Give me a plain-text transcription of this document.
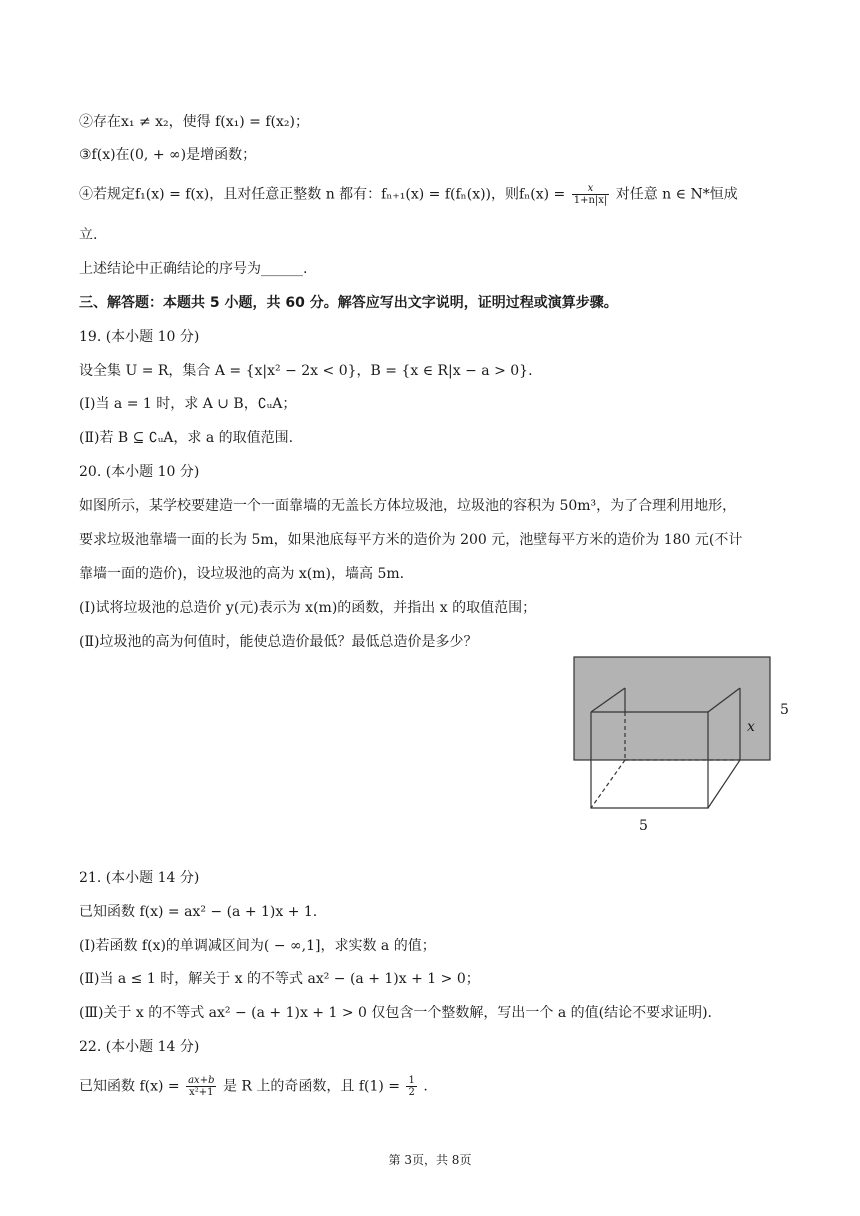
②存在x₁ ≠ x₂，使得 f(x₁) = f(x₂)；
③f(x)在(0, + ∞)是增函数；
④若规定f₁(x) = f(x)，且对任意正整数 n 都有：fₙ₊₁(x) = f(fₙ(x))，则$f_n(x) = \frac{x}{1+n|x|}$ 对任意 n ∈ N*恒成
立.
上述结论中正确结论的序号为______.
三、解答题：本题共 5 小题，共 60 分。解答应写出文字说明，证明过程或演算步骤。
19. (本小题 10 分)
设全集 U = R，集合 A = {x|x² − 2x < 0}，B = {x ∈ R|x − a > 0}.
(Ⅰ)当 a = 1 时，求 A ∪ B，∁ᵤA；
(Ⅱ)若 B ⊆ ∁ᵤA，求 a 的取值范围.
20. (本小题 10 分)
如图所示，某学校要建造一个一面靠墙的无盖长方体垃圾池，垃圾池的容积为 50m³，为了合理利用地形，
要求垃圾池靠墙一面的长为 5m，如果池底每平方米的造价为 200 元，池壁每平方米的造价为 180 元(不计
靠墙一面的造价)，设垃圾池的高为 x(m)，墙高 5m.
(Ⅰ)试将垃圾池的总造价 y(元)表示为 x(m)的函数，并指出 x 的取值范围；
(Ⅱ)垃圾池的高为何值时，能使总造价最低？最低总造价是多少？
5
x
5
21. (本小题 14 分)
已知函数 f(x) = ax² − (a + 1)x + 1.
(Ⅰ)若函数 f(x)的单调减区间为( − ∞,1]，求实数 a 的值；
(Ⅱ)当 a ≤ 1 时，解关于 x 的不等式 ax² − (a + 1)x + 1 > 0；
(Ⅲ)关于 x 的不等式 ax² − (a + 1)x + 1 > 0 仅包含一个整数解，写出一个 a 的值(结论不要求证明).
22. (本小题 14 分)
已知函数 $f(x) = \frac{ax+b}{\text{x²+1}}$ 是 R 上的奇函数，且 $f(1) = \frac{1}{2}$ .
第 3页，共 8页
